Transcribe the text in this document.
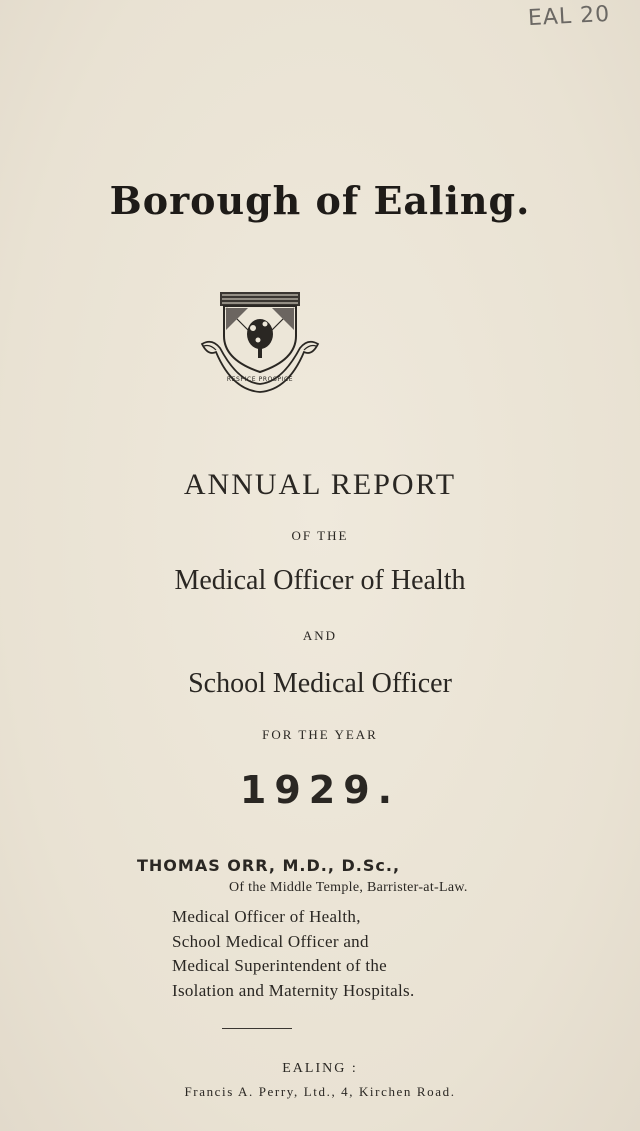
EAL 20
Borough of Ealing.
RESPICE PROSPICE
ANNUAL REPORT
OF THE
Medical Officer of Health
AND
School Medical Officer
FOR THE YEAR
1929.
THOMAS ORR, M.D., D.Sc.,
Of the Middle Temple, Barrister-at-Law.
Medical Officer of Health,
School Medical Officer and
Medical Superintendent of the
Isolation and Maternity Hospitals.
EALING :
Francis A. Perry, Ltd., 4, Kirchen Road.
